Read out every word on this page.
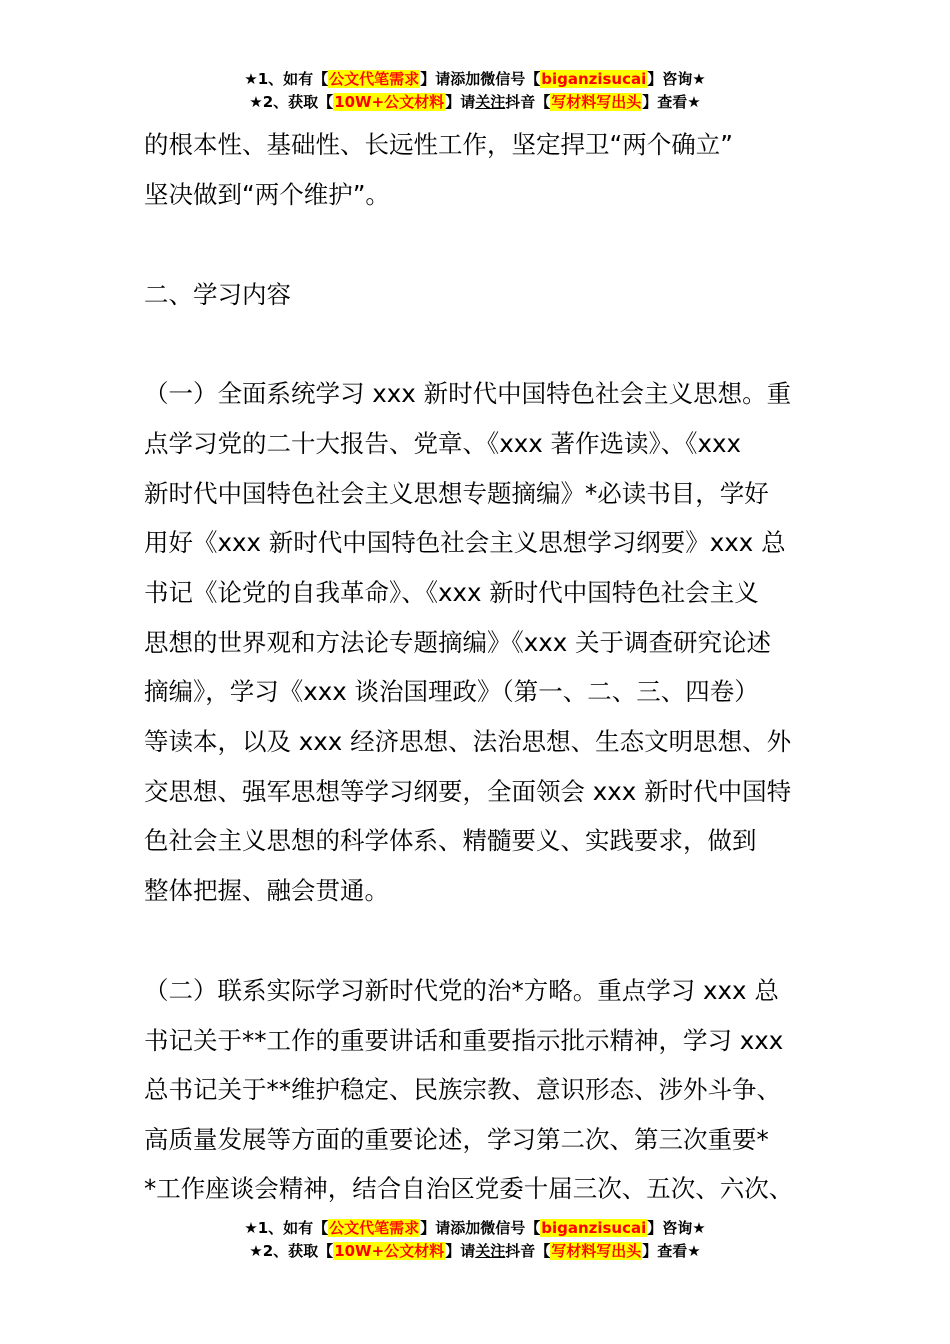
★1、如有【公文代笔需求】请添加微信号【biganzisucai】咨询★
★2、获取【10W+公文材料】请关注抖音【写材料写出头】查看★
的根本性、基础性、长远性工作，坚定捍卫“两个确立”
坚决做到“两个维护”。
二、学习内容
（一）全面系统学习 xxx 新时代中国特色社会主义思想。重
点学习党的二十大报告、党章、《xxx 著作选读》、《xxx
新时代中国特色社会主义思想专题摘编》*必读书目，学好
用好《xxx 新时代中国特色社会主义思想学习纲要》xxx 总
书记《论党的自我革命》、《xxx 新时代中国特色社会主义
思想的世界观和方法论专题摘编》《xxx 关于调查研究论述
摘编》，学习《xxx 谈治国理政》（第一、二、三、四卷）
等读本，以及 xxx 经济思想、法治思想、生态文明思想、外
交思想、强军思想等学习纲要，全面领会 xxx 新时代中国特
色社会主义思想的科学体系、精髓要义、实践要求，做到
整体把握、融会贯通。
（二）联系实际学习新时代党的治*方略。重点学习 xxx 总
书记关于**工作的重要讲话和重要指示批示精神，学习 xxx
总书记关于**维护稳定、民族宗教、意识形态、涉外斗争、
高质量发展等方面的重要论述，学习第二次、第三次重要*
*工作座谈会精神，结合自治区党委十届三次、五次、六次、
★1、如有【公文代笔需求】请添加微信号【biganzisucai】咨询★
★2、获取【10W+公文材料】请关注抖音【写材料写出头】查看★
